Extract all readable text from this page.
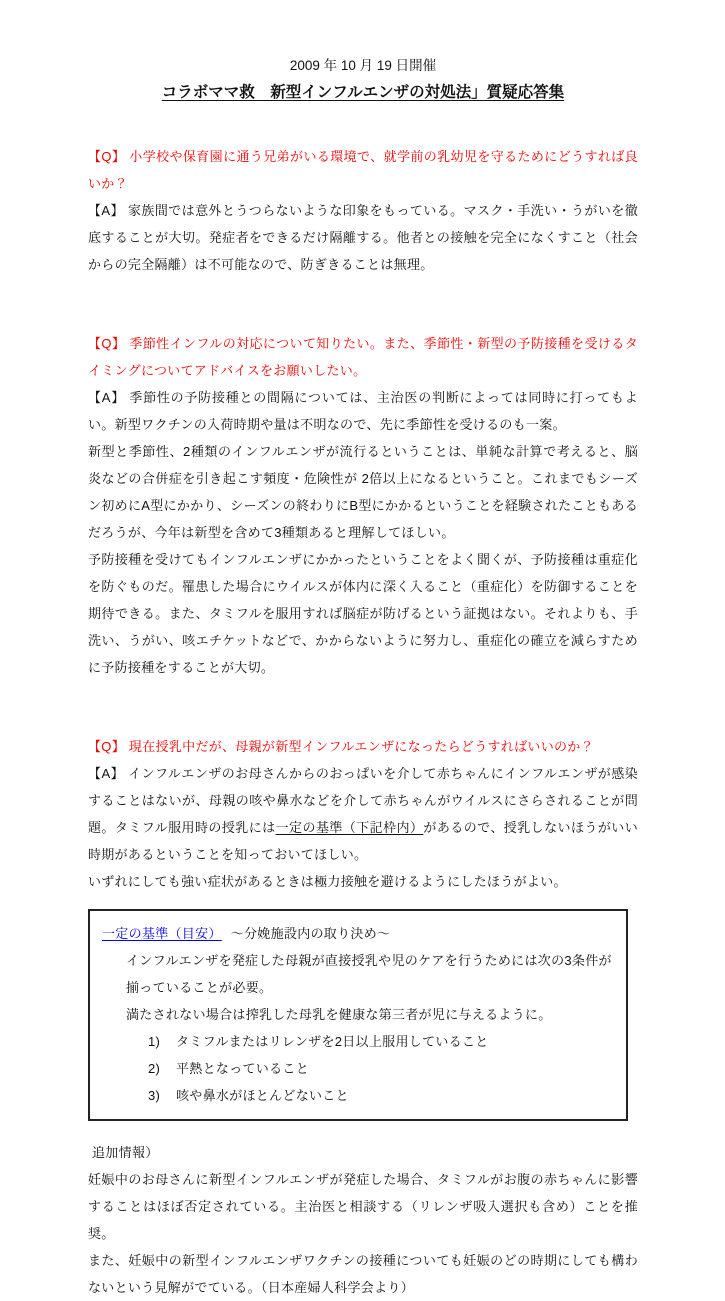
2009 年 10 月 19 日開催

コラボママ救　新型インフルエンザの対処法」質疑応答集

【Q】 小学校や保育園に通う兄弟がいる環境で、就学前の乳幼児を守るためにどうすれば良いか？

【A】 家族間では意外とうつらないような印象をもっている。マスク・手洗い・うがいを徹底することが大切。発症者をできるだけ隔離する。他者との接触を完全になくすこと（社会からの完全隔離）は不可能なので、防ぎきることは無理。

【Q】 季節性インフルの対応について知りたい。また、季節性・新型の予防接種を受けるタイミングについてアドバイスをお願いしたい。

【A】 季節性の予防接種との間隔については、主治医の判断によっては同時に打ってもよい。新型ワクチンの入荷時期や量は不明なので、先に季節性を受けるのも一案。

新型と季節性、2種類のインフルエンザが流行るということは、単純な計算で考えると、脳炎などの合併症を引き起こす頻度・危険性が 2倍以上になるということ。これまでもシーズン初めにA型にかかり、シーズンの終わりにB型にかかるということを経験されたこともあるだろうが、今年は新型を含めて3種類あると理解してほしい。

予防接種を受けてもインフルエンザにかかったということをよく聞くが、予防接種は重症化を防ぐものだ。罹患した場合にウイルスが体内に深く入ること（重症化）を防御することを期待できる。また、タミフルを服用すれば脳症が防げるという証拠はない。それよりも、手洗い、うがい、咳エチケットなどで、かからないように努力し、重症化の確立を減らすために予防接種をすることが大切。

【Q】 現在授乳中だが、母親が新型インフルエンザになったらどうすればいいのか？

【A】 インフルエンザのお母さんからのおっぱいを介して赤ちゃんにインフルエンザが感染することはないが、母親の咳や鼻水などを介して赤ちゃんがウイルスにさらされることが問題。タミフル服用時の授乳には一定の基準（下記枠内）があるので、授乳しないほうがいい時期があるということを知っておいてほしい。

いずれにしても強い症状があるときは極力接触を避けるようにしたほうがよい。

一定の基準（目安） ～分娩施設内の取り決め～
インフルエンザを発症した母親が直接授乳や児のケアを行うためには次の3条件が揃っていることが必要。
満たされない場合は搾乳した母乳を健康な第三者が児に与えるように。
1)	タミフルまたはリレンザを2日以上服用していること
2)	平熱となっていること
3)	咳や鼻水がほとんどないこと
追加情報）

妊娠中のお母さんに新型インフルエンザが発症した場合、タミフルがお腹の赤ちゃんに影響することはほぼ否定されている。主治医と相談する（リレンザ吸入選択も含め）ことを推奨。

また、妊娠中の新型インフルエンザワクチンの接種についても妊娠のどの時期にしても構わないという見解がでている。（日本産婦人科学会より）
